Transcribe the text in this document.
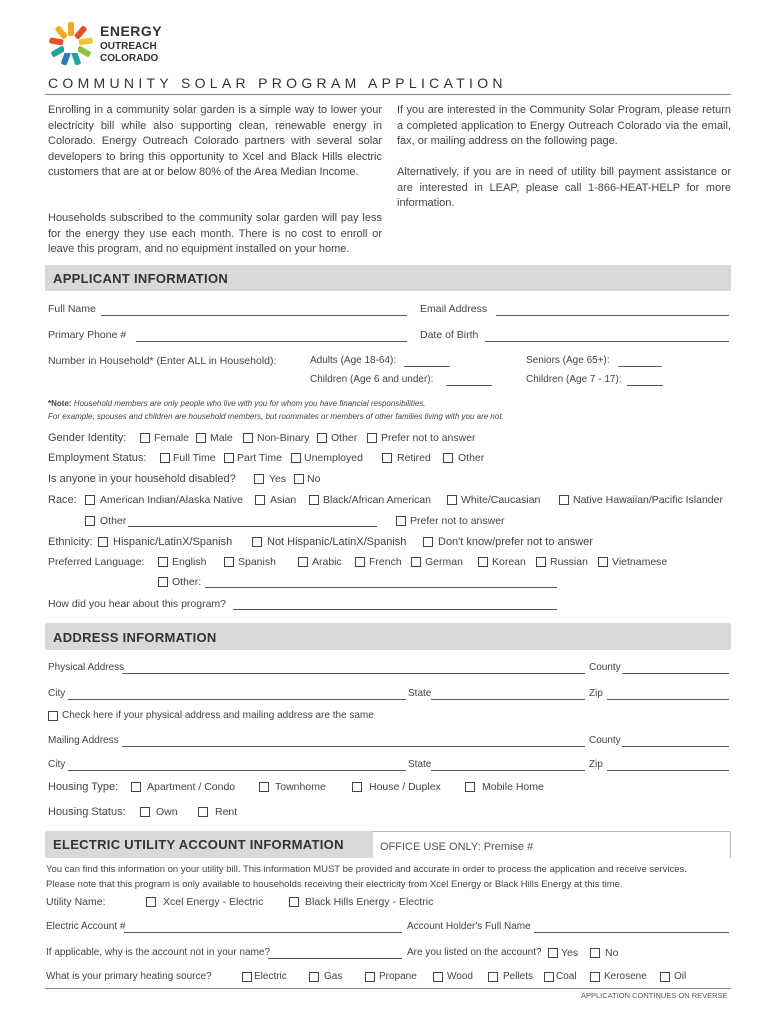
ENERGY
OUTREACH
COLORADO
COMMUNITY SOLAR PROGRAM APPLICATION
Enrolling in a community solar garden is a simple way to lower your electricity bill while also supporting clean, renewable energy in Colorado. Energy Outreach Colorado partners with several solar developers to bring this opportunity to Xcel and Black Hills electric customers that are at or below 80% of the Area Median Income.
Households subscribed to the community solar garden will pay less for the energy they use each month. There is no cost to enroll or leave this program, and no equipment installed on your home.
If you are interested in the Community Solar Program, please return a completed application to Energy Outreach Colorado via the email, fax, or mailing address on the following page.
Alternatively, if you are in need of utility bill payment assistance or are interested in LEAP, please call 1-866-HEAT-HELP for more information.
APPLICANT INFORMATION
Full Name	Email Address
Primary Phone #	Date of Birth
Number in Household* (Enter ALL in Household):	Adults (Age 18-64):	Seniors (Age 65+):
Children (Age 6 and under):	Children (Age 7 - 17):
*Note: Household members are only people who live with you for whom you have financial responsibilities.
For example, spouses and children are household members, but roommates or members of other families living with you are not.
Gender Identity:	Female Male Non-Binary Other Prefer not to answer
Employment Status:	Full Time Part Time Unemployed	Retired	Other
Is anyone in your household disabled?	Yes No
Race: American Indian/Alaska Native	Asian	Black/African American	White/Caucasian	Native Hawaiian/Pacific Islander
Other	Prefer not to answer
Ethnicity: Hispanic/LatinX/Spanish	Not Hispanic/LatinX/Spanish	Don't know/prefer not to answer
Preferred Language:	English	Spanish	Arabic	French German	Korean Russian Vietnamese
Other:
How did you hear about this program?
ADDRESS INFORMATION
Physical Address	County
City	State	Zip
Check here if your physical address and mailing address are the same
Mailing Address	County
City	State	Zip
Housing Type:	Apartment / Condo	Townhome	House / Duplex	Mobile Home
Housing Status:	Own	Rent
ELECTRIC UTILITY ACCOUNT INFORMATION	OFFICE USE ONLY: Premise #
You can find this information on your utility bill. This information MUST be provided and accurate in order to process the application and receive services.
Please note that this program is only available to households receiving their electricity from Xcel Energy or Black Hills Energy at this time.
Utility Name:	Xcel Energy - Electric	Black Hills Energy - Electric
Electric Account #	Account Holder's Full Name
If applicable, why is the account not in your name?	Are you listed on the account? Yes	No
What is your primary heating source?	Electric	Gas	Propane	Wood	Pellets Coal	Kerosene	Oil
APPLICATION CONTINUES ON REVERSE
